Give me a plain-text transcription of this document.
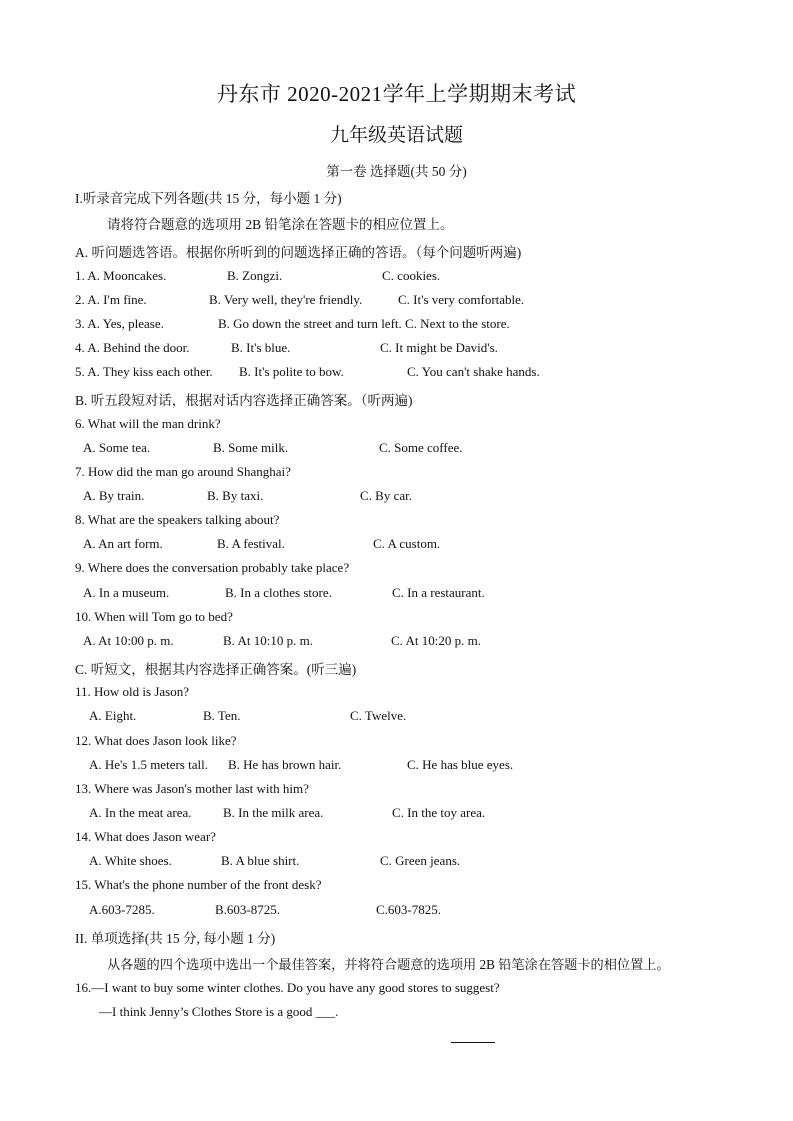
丹东市 2020-2021学年上学期期末考试
九年级英语试题
第一卷 选择题(共 50 分)
I.听录音完成下列各题(共 15 分，每小题 1 分)
请将符合题意的选项用 2B 铅笔涂在答题卡的相应位置上。
A. 听问题选答语。根据你所听到的问题选择正确的答语。（每个问题听两遍)
1. A. Mooncakes.	B. Zongzi.	C. cookies.
2. A. I'm fine.	B. Very well, they're friendly.	C. It's very comfortable.
3. A. Yes, please.	B. Go down the street and turn left. C. Next to the store.
4. A. Behind the door.	B. It's blue.	C. It might be David's.
5. A. They kiss each other. B. It's polite to bow.	C. You can't shake hands.
B. 听五段短对话，根据对话内容选择正确答案。（听两遍)
6. What will the man drink?
A. Some tea.	B. Some milk.	C. Some coffee.
7. How did the man go around Shanghai?
A. By train.	B. By taxi.	C. By car.
8. What are the speakers talking about?
A. An art form.	B. A festival.	C. A custom.
9. Where does the conversation probably take place?
A. In a museum.	B. In a clothes store.	C. In a restaurant.
10. When will Tom go to bed?
A. At 10:00 p. m.	B. At 10:10 p. m.	C. At 10:20 p. m.
C. 听短文，根据其内容选择正确答案。(听三遍)
11. How old is Jason?
A. Eight.	B. Ten.	C. Twelve.
12. What does Jason look like?
A. He's 1.5 meters tall. B. He has brown hair.	C. He has blue eyes.
13. Where was Jason's mother last with him?
A. In the meat area. B. In the milk area.	C. In the toy area.
14. What does Jason wear?
A. White shoes.	B. A blue shirt.	C. Green jeans.
15. What's the phone number of the front desk?
A.603-7285.	B.603-8725.	C.603-7825.
II. 单项选择(共 15 分, 每小题 1 分)
从各题的四个选项中选出一个最佳答案，并将符合题意的选项用 2B 铅笔涂在答题卡的相位置上。
16.—I want to buy some winter clothes. Do you have any good stores to suggest?
—I think Jenny’s Clothes Store is a good ___.
